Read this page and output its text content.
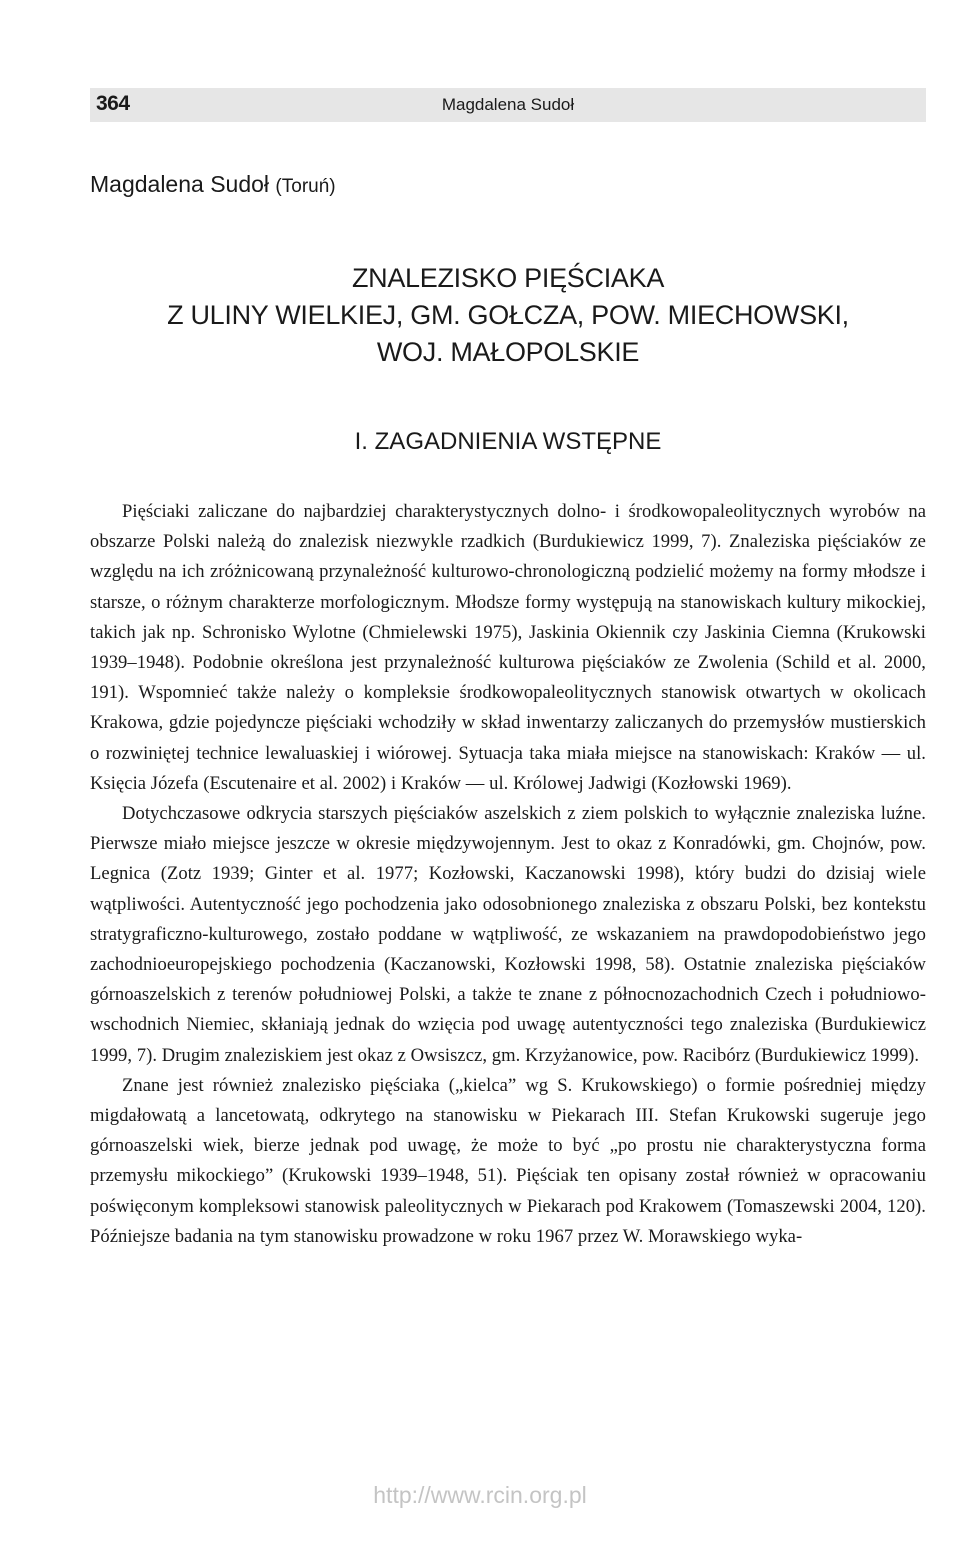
364	Magdalena Sudoł
Magdalena Sudoł (Toruń)
ZNALEZISKO PIĘŚCIAKA
Z ULINY WIELKIEJ, GM. GOŁCZA, POW. MIECHOWSKI,
WOJ. MAŁOPOLSKIE
I. ZAGADNIENIA WSTĘPNE

Pięściaki zaliczane do najbardziej charakterystycznych dolno- i środkowopaleolitycznych wyrobów na obszarze Polski należą do znalezisk niezwykle rzadkich (Burdukiewicz 1999, 7). Znaleziska pięściaków ze względu na ich zróżnicowaną przynależność kulturowo-chronologiczną podzielić możemy na formy młodsze i starsze, o różnym charakterze morfologicznym. Młodsze formy występują na stanowiskach kultury mikockiej, takich jak np. Schronisko Wylotne (Chmielewski 1975), Jaskinia Okiennik czy Jaskinia Ciemna (Krukowski 1939–1948). Podobnie określona jest przynależność kulturowa pięściaków ze Zwolenia (Schild et al. 2000, 191). Wspomnieć także należy o kompleksie środkowopaleolitycznych stanowisk otwartych w okolicach Krakowa, gdzie pojedyncze pięściaki wchodziły w skład inwentarzy zaliczanych do przemysłów mustierskich o rozwiniętej technice lewaluaskiej i wiórowej. Sytuacja taka miała miejsce na stanowiskach: Kraków — ul. Księcia Józefa (Escutenaire et al. 2002) i Kraków — ul. Królowej Jadwigi (Kozłowski 1969).

Dotychczasowe odkrycia starszych pięściaków aszelskich z ziem polskich to wyłącznie znaleziska luźne. Pierwsze miało miejsce jeszcze w okresie międzywojennym. Jest to okaz z Konradówki, gm. Chojnów, pow. Legnica (Zotz 1939; Ginter et al. 1977; Kozłowski, Kaczanowski 1998), który budzi do dzisiaj wiele wątpliwości. Autentyczność jego pochodzenia jako odosobnionego znaleziska z obszaru Polski, bez kontekstu stratygraficzno-kulturowego, zostało poddane w wątpliwość, ze wskazaniem na prawdopodobieństwo jego zachodnioeuropejskiego pochodzenia (Kaczanowski, Kozłowski 1998, 58). Ostatnie znaleziska pięściaków górnoaszelskich z terenów południowej Polski, a także te znane z północnozachodnich Czech i południowo-wschodnich Niemiec, skłaniają jednak do wzięcia pod uwagę autentyczności tego znaleziska (Burdukiewicz 1999, 7). Drugim znaleziskiem jest okaz z Owsiszcz, gm. Krzyżanowice, pow. Racibórz (Burdukiewicz 1999).

Znane jest również znalezisko pięściaka („kielca” wg S. Krukowskiego) o formie pośredniej między migdałowatą a lancetowatą, odkrytego na stanowisku w Piekarach III. Stefan Krukowski sugeruje jego górnoaszelski wiek, bierze jednak pod uwagę, że może to być „po prostu nie charakterystyczna forma przemysłu mikockiego” (Krukowski 1939–1948, 51). Pięściak ten opisany został również w opracowaniu poświęconym kompleksowi stanowisk paleolitycznych w Piekarach pod Krakowem (Tomaszewski 2004, 120). Późniejsze badania na tym stanowisku prowadzone w roku 1967 przez W. Morawskiego wyka-

http://www.rcin.org.pl
